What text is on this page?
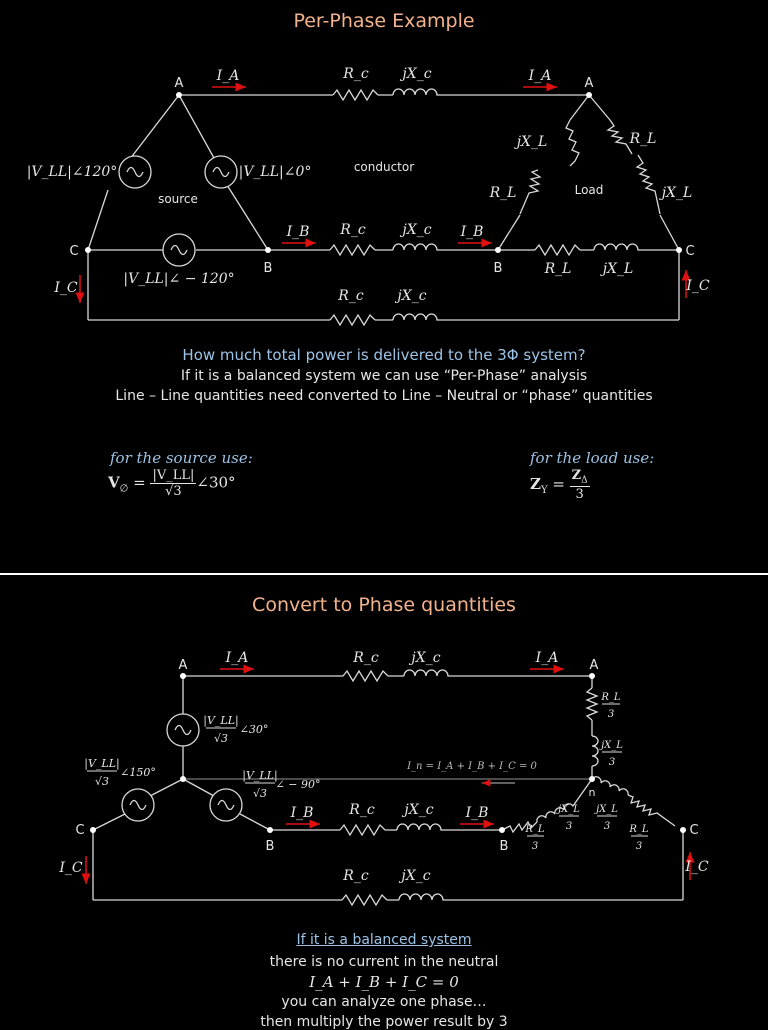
Per-Phase Example
A
C
B
A
B
C
I_A	I_A
I_B	I_B
I_C	I_C
R_c jX_c
R_c	jX_c
R_c jX_c
jX_L
R_L
R_L
jX_L
R_L jX_L
conductor
source
Load
|V_LL|∠120°	|V_LL|∠0°
|V_LL|∠ − 120°
How much total power is delivered to the 3Φ system?
If it is a balanced system we can use “Per-Phase” analysis
Line – Line quantities need converted to Line – Neutral or “phase” quantities
for the source use:	for the load use:
$V_\emptyset = \frac{|V\_LL|}{√3}$ ∠30°	$Z_Y = \frac{Z_\Delta}{3}$
Convert to Phase quantities
A
C
B
A
B
C
n
I_A	I_A
I_B	I_B
I_C	I_C
R_c jX_c
R_c jX_c
R_c jX_c
I_n = I_A + I_B + I_C = 0
R_L
3
jX_L
3
R_L
3
jX_L
3
jX_L
3 R_L
3
|V_LL|
√3
∠30°
|V_LL|
√3
∠150°	|V_LL|
√3
∠ − 90°
If it is a balanced system
there is no current in the neutral
I_A + I_B + I_C = 0
you can analyze one phase…
then multiply the power result by 3
